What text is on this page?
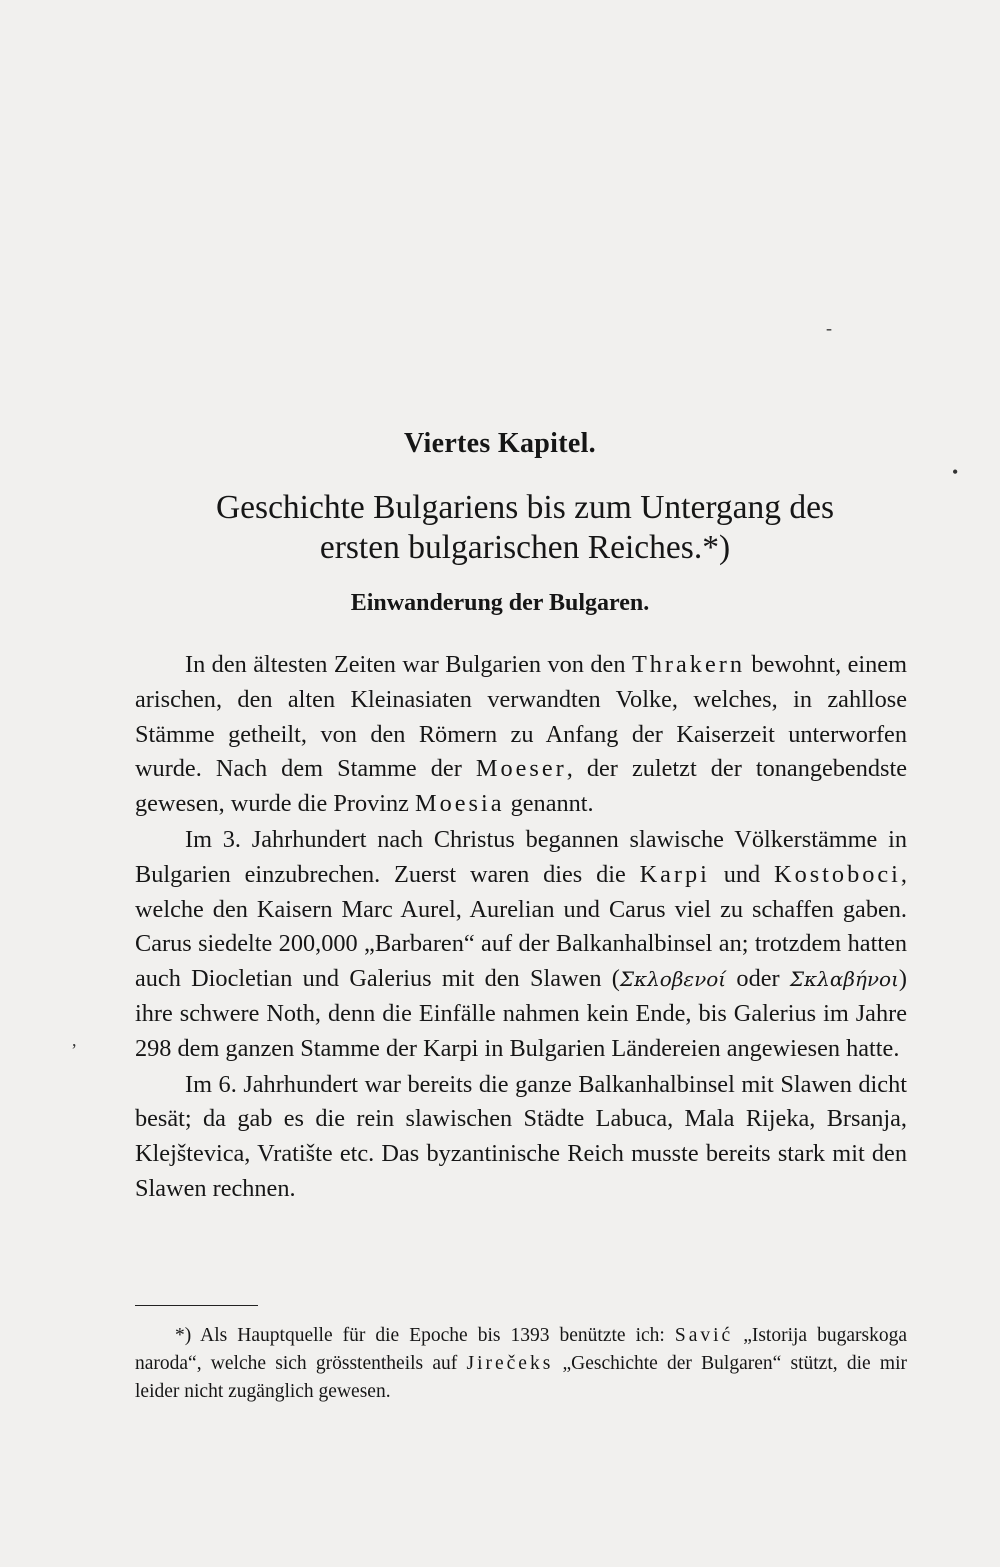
Viertes Kapitel.
Geschichte Bulgariens bis zum Untergang des
ersten bulgarischen Reiches.*)
Einwanderung der Bulgaren.

In den ältesten Zeiten war Bulgarien von den Thrakern bewohnt, einem arischen, den alten Kleinasiaten verwandten Volke, welches, in zahllose Stämme getheilt, von den Römern zu Anfang der Kaiserzeit unterworfen wurde. Nach dem Stamme der Moeser, der zuletzt der tonangebendste gewesen, wurde die Provinz Moesia genannt.

Im 3. Jahrhundert nach Christus begannen slawische Völkerstämme in Bulgarien einzubrechen. Zuerst waren dies die Karpi und Kostoboci, welche den Kaisern Marc Aurel, Aurelian und Carus viel zu schaffen gaben. Carus siedelte 200,000 „Barbaren“ auf der Balkanhalbinsel an; trotzdem hatten auch Diocletian und Galerius mit den Slawen (Σκλοβενοί oder Σκλαβήνοι) ihre schwere Noth, denn die Einfälle nahmen kein Ende, bis Galerius im Jahre 298 dem ganzen Stamme der Karpi in Bulgarien Ländereien angewiesen hatte.

Im 6. Jahrhundert war bereits die ganze Balkanhalbinsel mit Slawen dicht besät; da gab es die rein slawischen Städte Labuca, Mala Rijeka, Brsanja, Klejštevica, Vratište etc. Das byzantinische Reich musste bereits stark mit den Slawen rechnen.

*) Als Hauptquelle für die Epoche bis 1393 benützte ich: Savić „Istorija bugarskoga naroda“, welche sich grösstentheils auf Jirečeks „Geschichte der Bulgaren“ stützt, die mir leider nicht zugänglich gewesen.

•
-
,
